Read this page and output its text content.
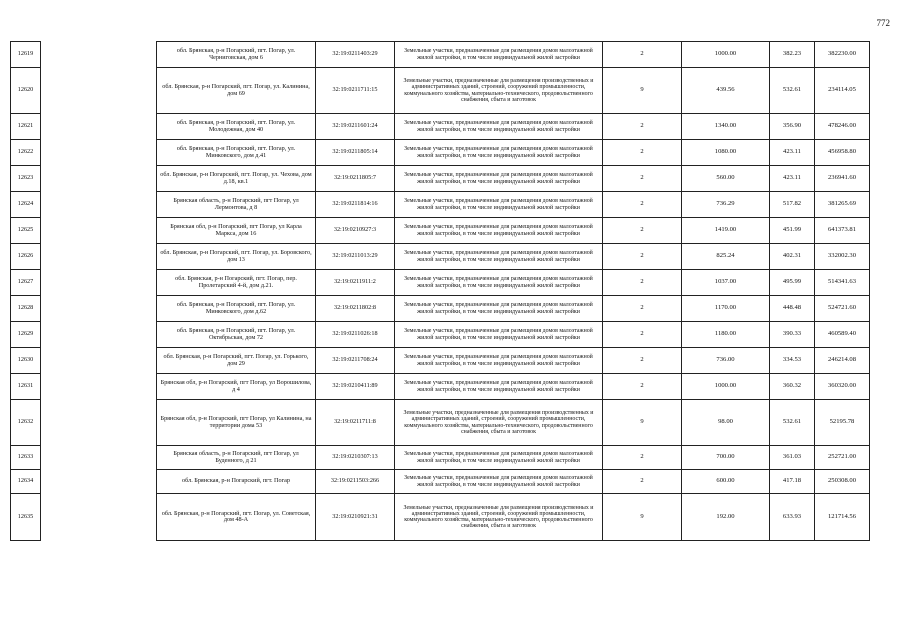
772
12619		обл. Брянская, р-н Погарский, пгт. Погар, ул. Черниговская, дом 6	32:19:0211403:29	Земельные участки, предназначенные для размещения домов малоэтажной жилой застройки, в том числе индивидуальной жилой застройки	2	1000.00	382.23	382230.00
12620		обл. Брянская, р-н Погарский, пгт. Погар, ул. Калинина, дом 69	32:19:0211711:15	Земельные участки, предназначенные для размещения производственных и административных зданий, строений, сооружений промышленности, коммунального хозяйства, материально-технического, продовольственного снабжения, сбыта и заготовок	9	439.56	532.61	234114.05
12621		обл. Брянская, р-н Погарский, пгт. Погар, ул. Молодежная, дом 40	32:19:0211601:24	Земельные участки, предназначенные для размещения домов малоэтажной жилой застройки, в том числе индивидуальной жилой застройки	2	1340.00	356.90	478246.00
12622		обл. Брянская, р-н Погарский, пгт. Погар, ул. Минковского, дом д.41	32:19:0211805:14	Земельные участки, предназначенные для размещения домов малоэтажной жилой застройки, в том числе индивидуальной жилой застройки	2	1080.00	423.11	456958.80
12623		обл. Брянская, р-н Погарский, пгт. Погар, ул. Чехова, дом д.18, кв.1	32:19:0211805:7	Земельные участки, предназначенные для размещения домов малоэтажной жилой застройки, в том числе индивидуальной жилой застройки	2	560.00	423.11	236941.60
12624		Брянская область, р-н Погарский, пгт Погар, ул Лермонтова, д 8	32:19:0211814:16	Земельные участки, предназначенные для размещения домов малоэтажной жилой застройки, в том числе индивидуальной жилой застройки	2	736.29	517.82	381265.69
12625		Брянская обл, р-н Погарский, пгт Погар, ул Карла Маркса, дом 16	32:19:0210927:3	Земельные участки, предназначенные для размещения домов малоэтажной жилой застройки, в том числе индивидуальной жилой застройки	2	1419.00	451.99	641373.81
12626		обл. Брянская, р-н Погарский, пгт. Погар, ул. Боровского, дом 13	32:19:0211013:29	Земельные участки, предназначенные для размещения домов малоэтажной жилой застройки, в том числе индивидуальной жилой застройки	2	825.24	402.31	332002.30
12627		обл. Брянская, р-н Погарский, пгт. Погар, пер. Пролетарский 4-й, дом д.21.	32:19:0211911:2	Земельные участки, предназначенные для размещения домов малоэтажной жилой застройки, в том числе индивидуальной жилой застройки	2	1037.00	495.99	514341.63
12628		обл. Брянская, р-н Погарский, пгт. Погар, ул. Минковского, дом д.62	32:19:0211802:8	Земельные участки, предназначенные для размещения домов малоэтажной жилой застройки, в том числе индивидуальной жилой застройки	2	1170.00	448.48	524721.60
12629		обл. Брянская, р-н Погарский, пгт. Погар, ул. Октябрьская, дом 72	32:19:0211026:18	Земельные участки, предназначенные для размещения домов малоэтажной жилой застройки, в том числе индивидуальной жилой застройки	2	1180.00	390.33	460589.40
12630		обл. Брянская, р-н Погарский, пгт. Погар, ул. Горького, дом 29	32:19:0211708:24	Земельные участки, предназначенные для размещения домов малоэтажной жилой застройки, в том числе индивидуальной жилой застройки	2	736.00	334.53	246214.08
12631		Брянская обл, р-н Погарский, пгт Погар, ул Ворошилова, д 4	32:19:0210411:89	Земельные участки, предназначенные для размещения домов малоэтажной жилой застройки, в том числе индивидуальной жилой застройки	2	1000.00	360.32	360320.00
12632		Брянская обл, р-н Погарский, пгт Погар, ул Калинина, на территории дома 53	32:19:0211711:8	Земельные участки, предназначенные для размещения производственных и административных зданий, строений, сооружений промышленности, коммунального хозяйства, материально-технического, продовольственного снабжения, сбыта и заготовок	9	98.00	532.61	52195.78
12633		Брянская область, р-н Погарский, пгт Погар, ул Буденного, д 21	32:19:0210307:13	Земельные участки, предназначенные для размещения домов малоэтажной жилой застройки, в том числе индивидуальной жилой застройки	2	700.00	361.03	252721.00
12634		обл. Брянская, р-н Погарский, пгт. Погар	32:19:0211503:266	Земельные участки, предназначенные для размещения домов малоэтажной жилой застройки, в том числе индивидуальной жилой застройки	2	600.00	417.18	250308.00
12635		обл. Брянская, р-н Погарский, пгт. Погар, ул. Советская, дом 48-А	32:19:0210921:31	Земельные участки, предназначенные для размещения производственных и административных зданий, строений, сооружений промышленности, коммунального хозяйства, материально-технического, продовольственного снабжения, сбыта и заготовок	9	192.00	633.93	121714.56
